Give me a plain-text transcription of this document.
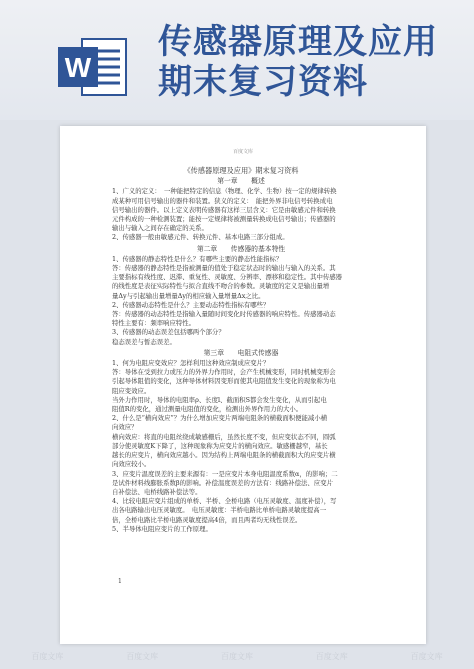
W
传感器原理及应用
期末复习资料
百度文库

《传感器原理及应用》期末复习资料

第一章　　概述

1、广义的定义：　一种能把特定的信息（物理、化学、生物）按一定的规律转换

成某种可用信号输出的器件和装置。狭义的定义：　能把外界非电信号转换成电

信号输出的器件。以上定义表明传感器有这样三层含义：它是由敏感元件和转换

元件构成的一种检测装置；能按一定规律将被测量转换成电信号输出；传感器的

输出与输入之间存在确定的关系。

2、传感器一般由敏感元件、转换元件、基本电路三部分组成。

第二章　　传感器的基本特性

1、传感器的静态特性是什么？有哪些主要的静态性能指标？

答：传感器的静态特性是指被测量的值处于稳定状态时的输出与输入的关系。其

主要指标有线性度、迟滞、重复性、灵敏度、分辨率、漂移和稳定性。其中传感器

的线性度是表征实际特性与拟合直线不吻合的参数。灵敏度的定义是输出量增

量Δy与引起输出量增量Δy的相应输入量增量Δx之比。

2、传感器动态特性是什么？主要动态特性指标有哪些？

答：传感器的动态特性是指输入量随时间变化时传感器的响应特性。传感器动态

特性主要有：频率响应特性。

3、传感器的动态误差包括哪两个部分？

稳态误差与暂态误差。

第三章　　电阻式传感器

1、何为电阻应变效应？怎样利用这种效应制成应变片？

答：导体在受到拉力或压力的外界力作用时，会产生机械变形，同时机械变形会

引起导体阻值的变化，这种导体材料因变形而使其电阻值发生变化的现象称为电

阻应变效应。

当外力作用时，导体的电阻率ρ、长度l、截面积S都会发生变化，从而引起电

阻值R的变化，通过测量电阻值的变化，检测出外界作用力的大小。

2、什么是“横向效应”？为什么增加应变片两端电阻条的横截面积便能减小横

向效应？

横向效应：将直的电阻丝绕成敏感栅后，虽然长度不变，但应变状态不同，圆弧

部分使灵敏度K下降了，这种现象称为应变片的横向效应。敏感栅越窄，基长

越长的应变片，横向效应越小。因为结构上两端电阻条的横截面积大的应变片横

向效应较小。

3、应变片温度误差的主要来源有：一是应变片本身电阻温度系数α，的影响；二

是试件材料线膨胀系数β的影响。补偿温度误差的方法有：线路补偿法、应变片

自补偿法、电桥线路补偿法等。

4、比较电阻应变片组成的单桥、半桥、全桥电路（电压灵敏度、温度补偿），写

出各电路输出电压灵敏度。　电压灵敏度：半桥电路比单桥电路灵敏度提高一

倍，全桥电路比半桥电路灵敏度提高4倍，而且两者均无线性误差。

5、半导体电阻应变片的工作原理。

1
百度文库	百度文库	百度文库	百度文库	百度文库
